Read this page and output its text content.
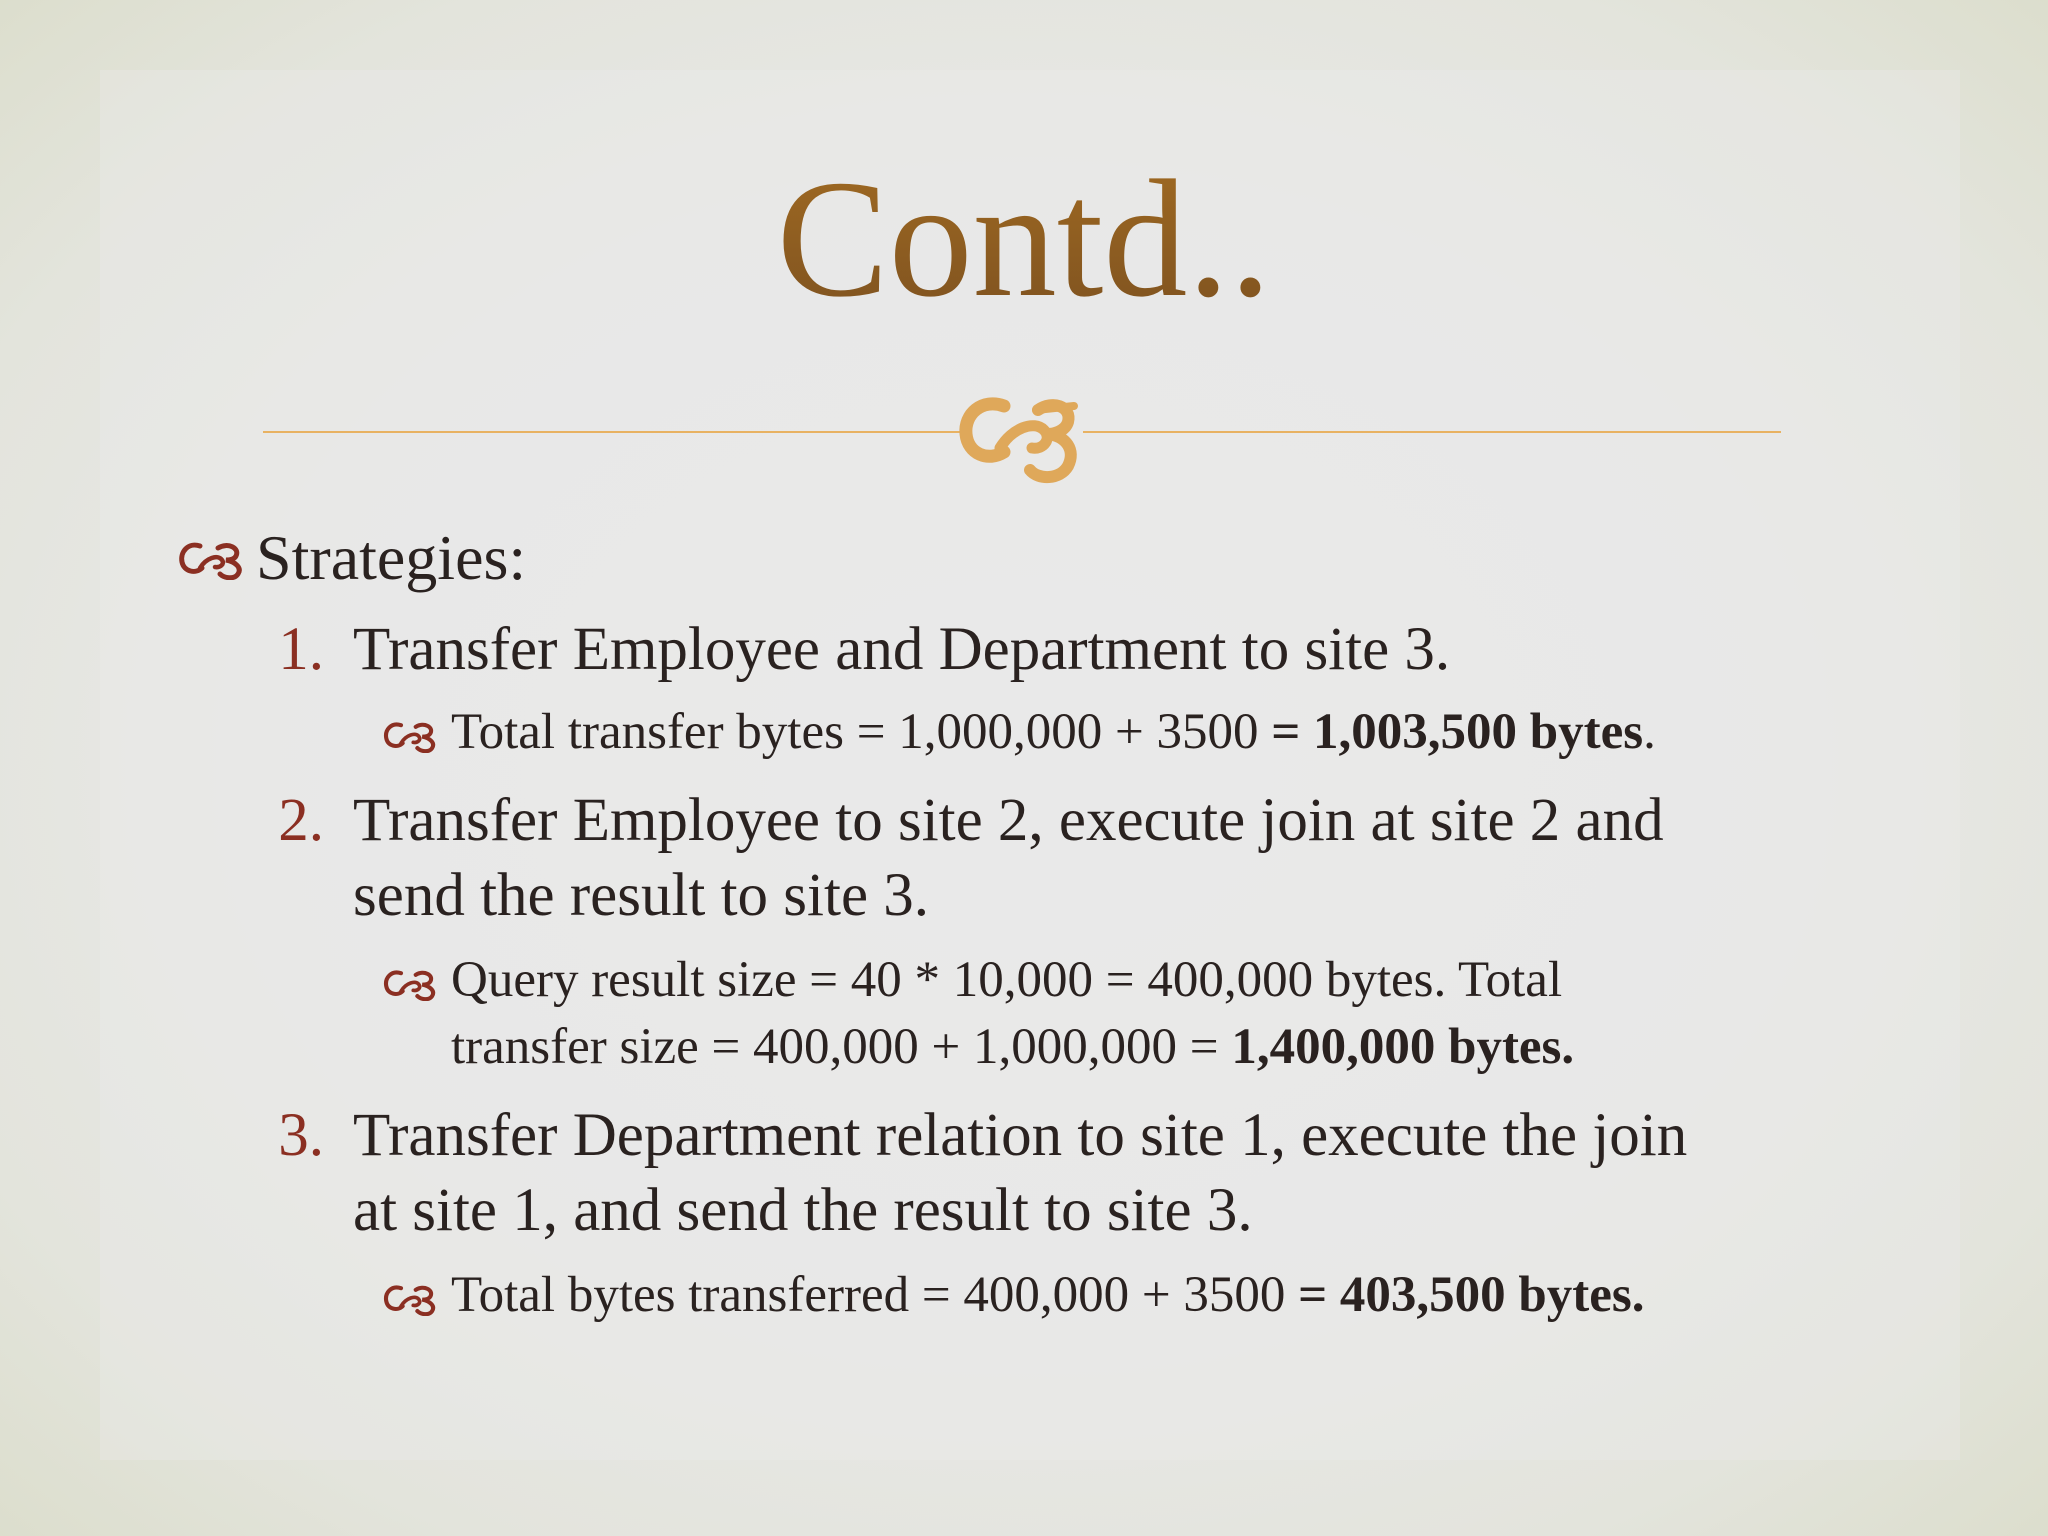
Contd..
Strategies:
1. Transfer Employee and Department to site 3.
Total transfer bytes = 1,000,000 + 3500 = 1,003,500 bytes.
2. Transfer Employee to site 2, execute join at site 2 and
send the result to site 3.
Query result size = 40 * 10,000 = 400,000 bytes. Total
transfer size = 400,000 + 1,000,000 = 1,400,000 bytes.
3. Transfer Department relation to site 1, execute the join
at site 1, and send the result to site 3.
Total bytes transferred = 400,000 + 3500 = 403,500 bytes.
